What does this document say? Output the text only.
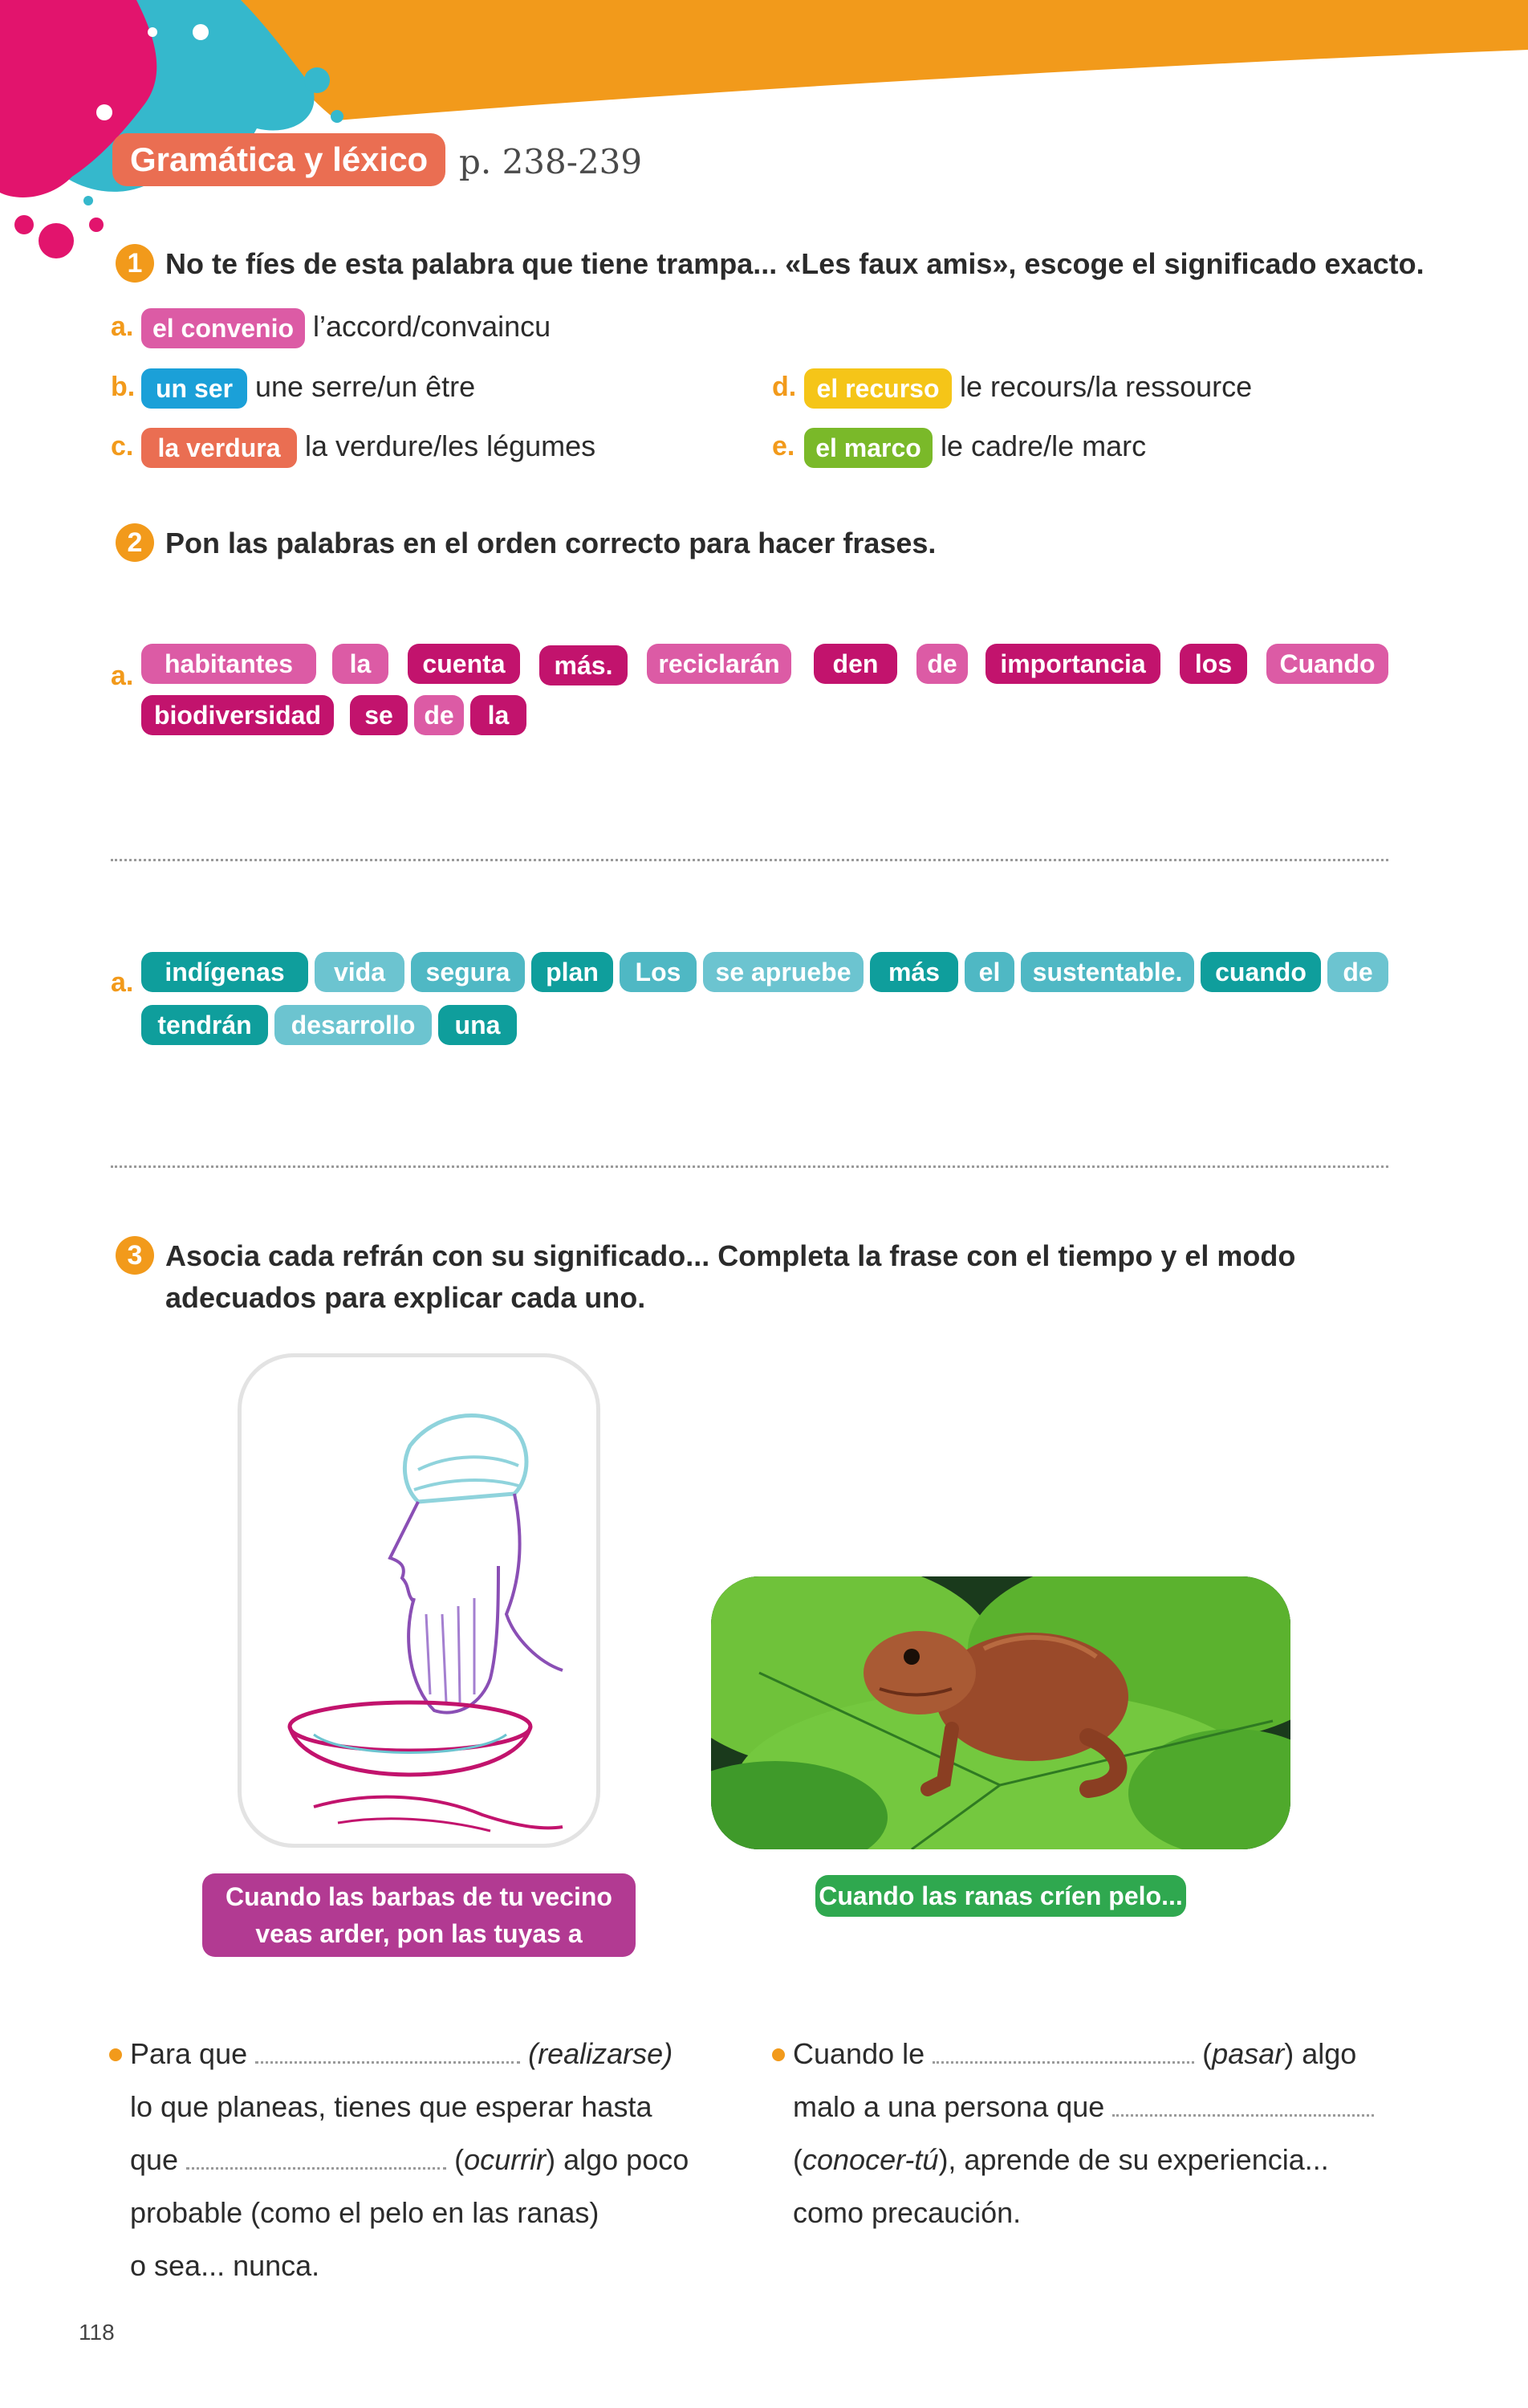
Gramática y léxico p. 238-239
1 No te fíes de esta palabra que tiene trampa... «Les faux amis», escoge el significado exacto.
a. el convenio l’accord/convaincu
b. un ser une serre/un être
c. la verdura la verdure/les légumes
d. el recurso le recours/la ressource
e. el marco le cadre/le marc
2 Pon las palabras en el orden correcto para hacer frases.
a.	habitantes	la	cuenta	más.	reciclarán	den	de	importancia	los	Cuando
biodiversidad	se	de	la
a.	indígenas	vida	segura	plan	Los	se apruebe	más	el	sustentable.	cuando	de
tendrán	desarrollo	una
3 Asocia cada refrán con su significado... Completa la frase con el tiempo y el modo
adecuados para explicar cada uno.
Cuando las barbas de tu vecino
veas arder, pon las tuyas a remojar.
Cuando las ranas críen pelo...
Para que	(realizarse)
lo que planeas, tienes que esperar hasta
que	(ocurrir) algo poco
probable (como el pelo en las ranas)
o sea... nunca.
Cuando le	(pasar) algo
malo a una persona que
(conocer-tú), aprende de su experiencia...
como precaución.
118
